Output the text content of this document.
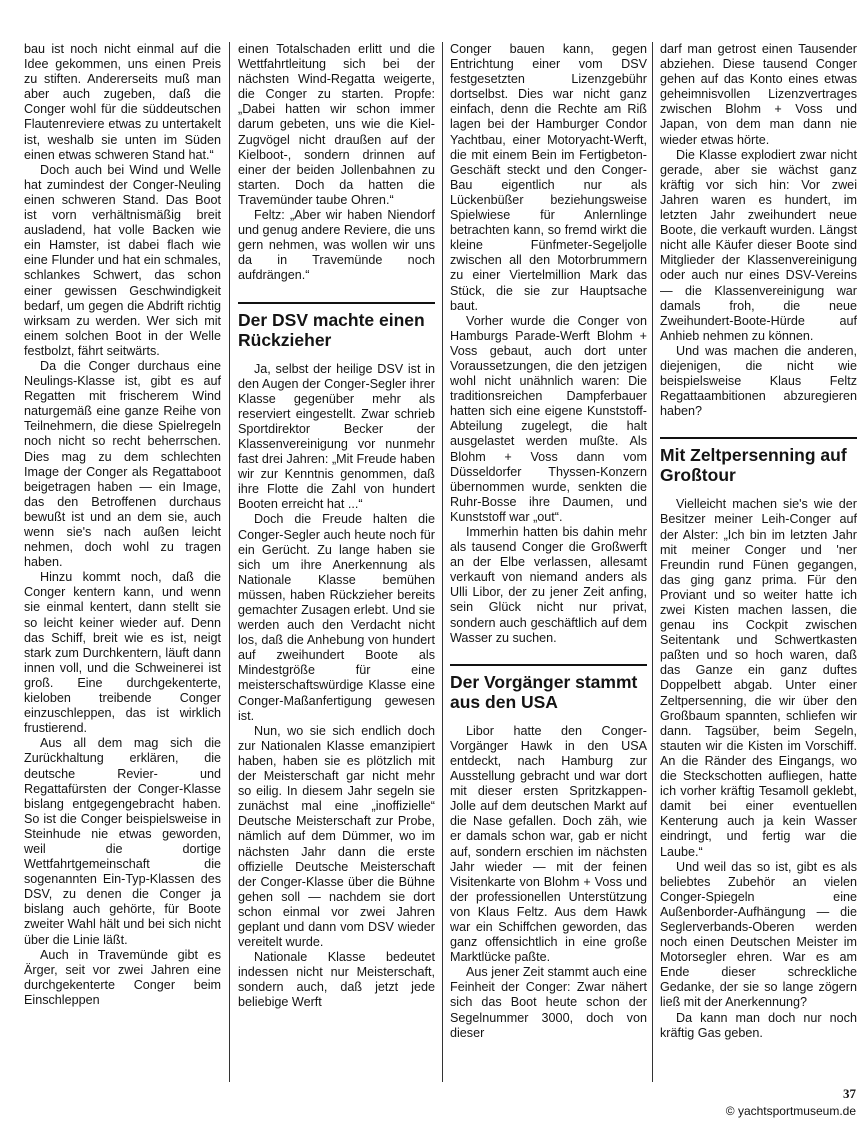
bau ist noch nicht einmal auf die Idee gekommen, uns einen Preis zu stiften. Andererseits muß man aber auch zugeben, daß die Conger wohl für die süddeutschen Flautenreviere etwas zu untertakelt ist, weshalb sie unten im Süden einen etwas schweren Stand hat.“

Doch auch bei Wind und Welle hat zumindest der Conger-Neuling einen schweren Stand. Das Boot ist vorn verhältnismäßig breit ausladend, hat volle Backen wie ein Hamster, ist dabei flach wie eine Flunder und hat ein schmales, schlankes Schwert, das schon einer gewissen Geschwindigkeit bedarf, um gegen die Abdrift richtig wirksam zu werden. Wer sich mit einem solchen Boot in der Welle festbolzt, fährt seitwärts.

Da die Conger durchaus eine Neulings-Klasse ist, gibt es auf Regatten mit frischerem Wind naturgemäß eine ganze Reihe von Teilnehmern, die diese Spielregeln noch nicht so recht beherrschen. Dies mag zu dem schlechten Image der Conger als Regattaboot beigetragen haben — ein Image, das den Betroffenen durchaus bewußt ist und an dem sie, auch wenn sie's nach außen leicht nehmen, doch wohl zu tragen haben.

Hinzu kommt noch, daß die Conger kentern kann, und wenn sie einmal kentert, dann stellt sie so leicht keiner wieder auf. Denn das Schiff, breit wie es ist, neigt stark zum Durchkentern, läuft dann innen voll, und die Schweinerei ist groß. Eine durchgekenterte, kieloben treibende Conger einzuschleppen, das ist wirklich frustierend.

Aus all dem mag sich die Zurückhaltung erklären, die deutsche Revier- und Regattafürsten der Conger-Klasse bislang entgegengebracht haben. So ist die Conger beispielsweise in Steinhude nie etwas geworden, weil die dortige Wettfahrtgemeinschaft die sogenannten Ein-Typ-Klassen des DSV, zu denen die Conger ja bislang auch gehörte, für Boote zweiter Wahl hält und bei sich nicht über die Linie läßt.

Auch in Travemünde gibt es Ärger, seit vor zwei Jahren eine durchgekenterte Conger beim Einschleppen

einen Totalschaden erlitt und die Wettfahrtleitung sich bei der nächsten Wind-Regatta weigerte, die Conger zu starten. Propfe: „Dabei hatten wir schon immer darum gebeten, uns wie die Kiel-Zugvögel nicht draußen auf der Kielboot-, sondern drinnen auf einer der beiden Jollenbahnen zu starten. Doch da hatten die Travemünder taube Ohren.“

Feltz: „Aber wir haben Niendorf und genug andere Reviere, die uns gern nehmen, was wollen wir uns da in Travemünde noch aufdrängen.“

Der DSV machte einen Rückzieher

Ja, selbst der heilige DSV ist in den Augen der Conger-Segler ihrer Klasse gegenüber mehr als reserviert eingestellt. Zwar schrieb Sportdirektor Becker der Klassenvereinigung vor nunmehr fast drei Jahren: „Mit Freude haben wir zur Kenntnis genommen, daß ihre Flotte die Zahl von hundert Booten erreicht hat ...“

Doch die Freude halten die Conger-Segler auch heute noch für ein Gerücht. Zu lange haben sie sich um ihre Anerkennung als Nationale Klasse bemühen müssen, haben Rückzieher bereits gemachter Zusagen erlebt. Und sie werden auch den Verdacht nicht los, daß die Anhebung von hundert auf zweihundert Boote als Mindestgröße für eine meisterschaftswürdige Klasse eine Conger-Maßanfertigung gewesen ist.

Nun, wo sie sich endlich doch zur Nationalen Klasse emanzipiert haben, haben sie es plötzlich mit der Meisterschaft gar nicht mehr so eilig. In diesem Jahr segeln sie zunächst mal eine „inoffizielle“ Deutsche Meisterschaft zur Probe, nämlich auf dem Dümmer, wo im nächsten Jahr dann die erste offizielle Deutsche Meisterschaft der Conger-Klasse über die Bühne gehen soll — nachdem sie dort schon einmal vor zwei Jahren geplant und dann vom DSV wieder vereitelt wurde.

Nationale Klasse bedeutet indessen nicht nur Meisterschaft, sondern auch, daß jetzt jede beliebige Werft

Conger bauen kann, gegen Entrichtung einer vom DSV festgesetzten Lizenzgebühr dortselbst. Dies war nicht ganz einfach, denn die Rechte am Riß lagen bei der Hamburger Condor Yachtbau, einer Motoryacht-Werft, die mit einem Bein im Fertigbeton-Geschäft steckt und den Conger-Bau eigentlich nur als Lückenbüßer beziehungsweise Spielwiese für Anlernlinge betrachten kann, so fremd wirkt die kleine Fünfmeter-Segeljolle zwischen all den Motorbrummern zu einer Viertelmillion Mark das Stück, die sie zur Hauptsache baut.

Vorher wurde die Conger von Hamburgs Parade-Werft Blohm + Voss gebaut, auch dort unter Voraussetzungen, die den jetzigen wohl nicht unähnlich waren: Die traditionsreichen Dampferbauer hatten sich eine eigene Kunststoff-Abteilung zugelegt, die halt ausgelastet werden mußte. Als Blohm + Voss dann vom Düsseldorfer Thyssen-Konzern übernommen wurde, senkten die Ruhr-Bosse ihre Daumen, und Kunststoff war „out“.

Immerhin hatten bis dahin mehr als tausend Conger die Großwerft an der Elbe verlassen, allesamt verkauft von niemand anders als Ulli Libor, der zu jener Zeit anfing, sein Glück nicht nur privat, sondern auch geschäftlich auf dem Wasser zu suchen.

Der Vorgänger stammt aus den USA

Libor hatte den Conger-Vorgänger Hawk in den USA entdeckt, nach Hamburg zur Ausstellung gebracht und war dort mit dieser ersten Spritzkappen-Jolle auf dem deutschen Markt auf die Nase gefallen. Doch zäh, wie er damals schon war, gab er nicht auf, sondern erschien im nächsten Jahr wieder — mit der feinen Visitenkarte von Blohm + Voss und der professionellen Unterstützung von Klaus Feltz. Aus dem Hawk war ein Schiffchen geworden, das ganz offensichtlich in eine große Marktlücke paßte.

Aus jener Zeit stammt auch eine Feinheit der Conger: Zwar nähert sich das Boot heute schon der Segelnummer 3000, doch von dieser

darf man getrost einen Tausender abziehen. Diese tausend Conger gehen auf das Konto eines etwas geheimnisvollen Lizenzvertrages zwischen Blohm + Voss und Japan, von dem man dann nie wieder etwas hörte.

Die Klasse explodiert zwar nicht gerade, aber sie wächst ganz kräftig vor sich hin: Vor zwei Jahren waren es hundert, im letzten Jahr zweihundert neue Boote, die verkauft wurden. Längst nicht alle Käufer dieser Boote sind Mitglieder der Klassenvereinigung oder auch nur eines DSV-Vereins — die Klassenvereinigung war damals froh, die neue Zweihundert-Boote-Hürde auf Anhieb nehmen zu können.

Und was machen die anderen, diejenigen, die nicht wie beispielsweise Klaus Feltz Regattaambitionen abzuregieren haben?

Mit Zeltpersenning auf Großtour

Vielleicht machen sie's wie der Besitzer meiner Leih-Conger auf der Alster: „Ich bin im letzten Jahr mit meiner Conger und 'ner Freundin rund Fünen gegangen, das ging ganz prima. Für den Proviant und so weiter hatte ich zwei Kisten machen lassen, die genau ins Cockpit zwischen Seitentank und Schwertkasten paßten und so hoch waren, daß das Ganze ein ganz duftes Doppelbett abgab. Unter einer Zeltpersenning, die wir über den Großbaum spannten, schliefen wir dann. Tagsüber, beim Segeln, stauten wir die Kisten im Vorschiff. An die Ränder des Eingangs, wo die Steckschotten aufliegen, hatte ich vorher kräftig Tesamoll geklebt, damit bei einer eventuellen Kenterung auch ja kein Wasser eindringt, und fertig war die Laube.“

Und weil das so ist, gibt es als beliebtes Zubehör an vielen Conger-Spiegeln eine Außenborder-Aufhängung — die Seglerverbands-Oberen werden noch einen Deutschen Meister im Motorsegler ehren. War es am Ende dieser schreckliche Gedanke, der sie so lange zögern ließ mit der Anerkennung?

Da kann man doch nur noch kräftig Gas geben.

37
© yachtsportmuseum.de
